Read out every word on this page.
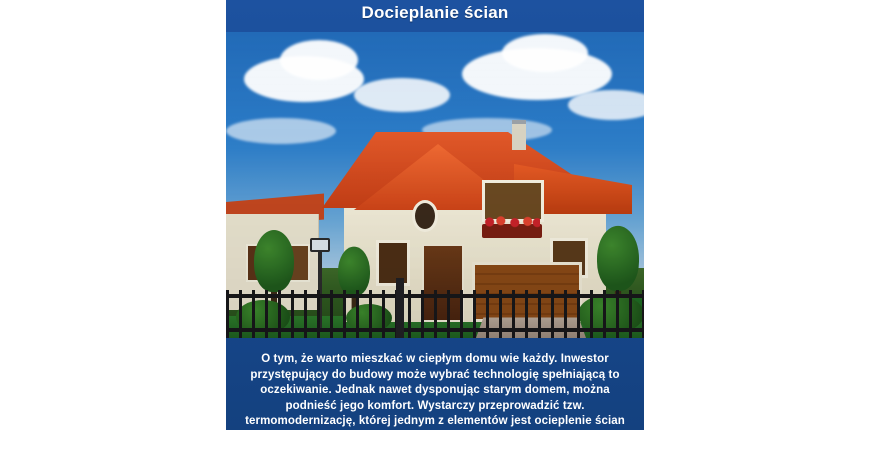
Docieplanie ścian

O tym, że warto mieszkać w ciepłym domu wie każdy. Inwestor przystępujący do budowy może wybrać technologię spełniającą to oczekiwanie. Jednak nawet dysponując starym domem, można podnieść jego komfort. Wystarczy przeprowadzić tzw. termomodernizację, której jednym z elementów jest ocieplenie ścian zewnętrznych.
